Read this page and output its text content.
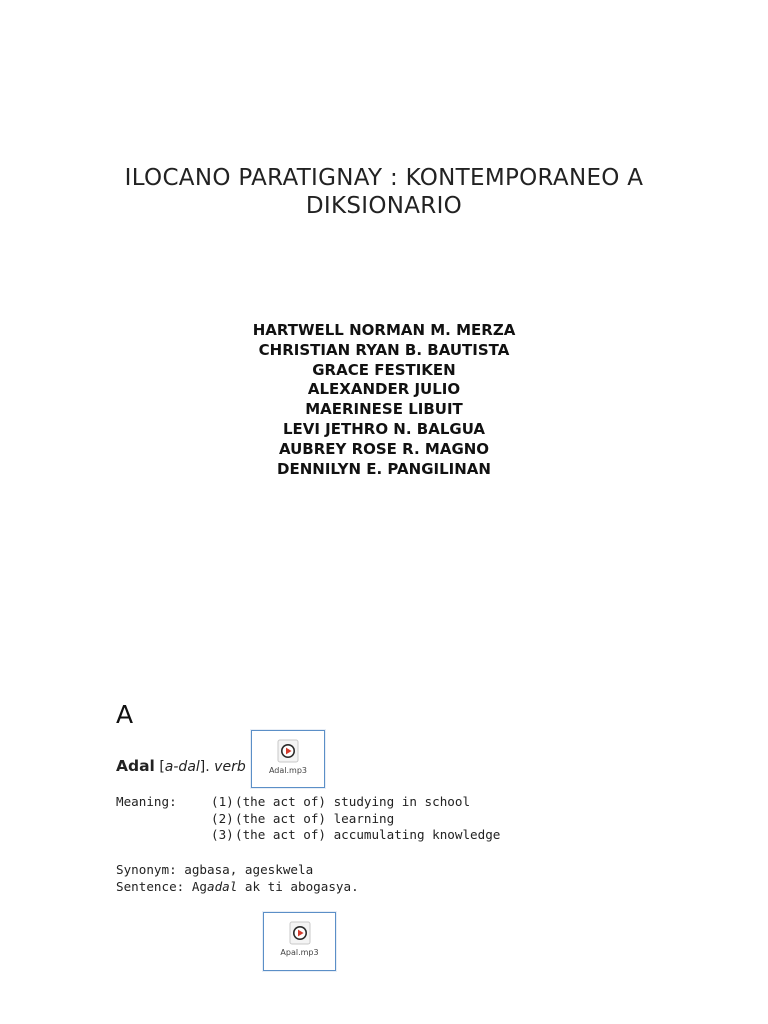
ILOCANO PARATIGNAY : KONTEMPORANEO A
DIKSIONARIO
HARTWELL NORMAN M. MERZA
CHRISTIAN RYAN B. BAUTISTA
GRACE FESTIKEN
ALEXANDER JULIO
MAERINESE LIBUIT
LEVI JETHRO N. BALGUA
AUBREY ROSE R. MAGNO
DENNILYN E. PANGILINAN
A
Adal [a-dal]. verb	Adal.mp3
Meaning:	(1)(the act of) studying in school
(2)(the act of) learning
(3)(the act of) accumulating knowledge
Synonym: agbasa, ageskwela
Sentence: Agadal ak ti abogasya.
Apal.mp3
